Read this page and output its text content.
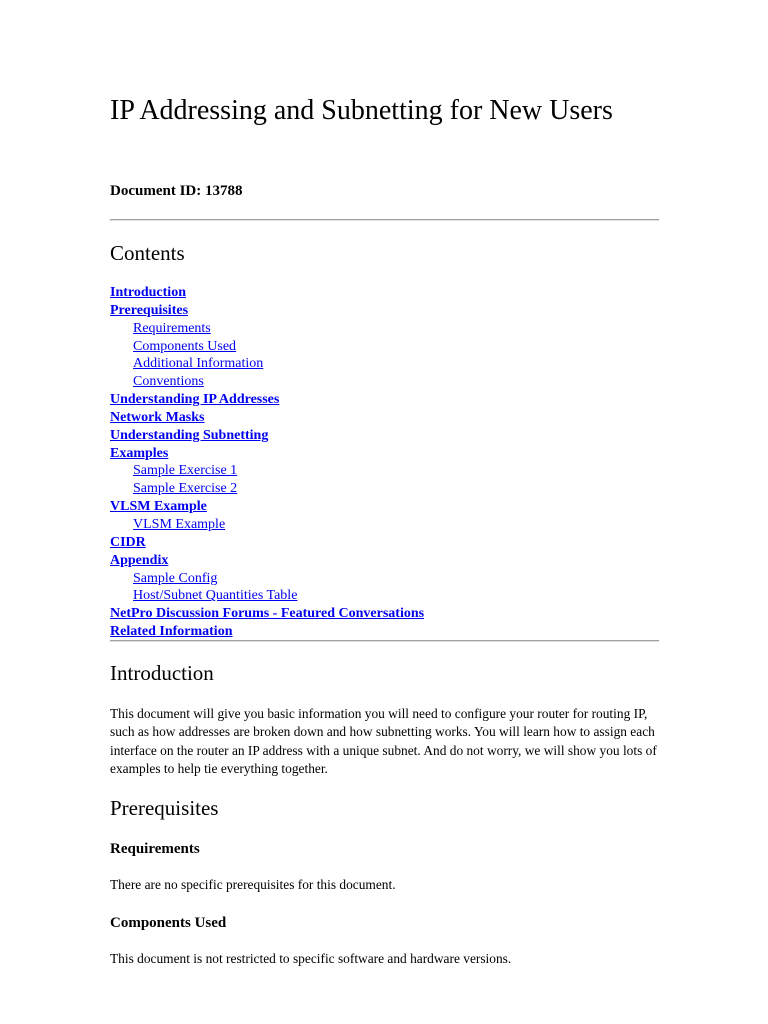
IP Addressing and Subnetting for New Users
Document ID: 13788
Contents
Introduction
Prerequisites
Requirements
Components Used
Additional Information
Conventions
Understanding IP Addresses
Network Masks
Understanding Subnetting
Examples
Sample Exercise 1
Sample Exercise 2
VLSM Example
VLSM Example
CIDR
Appendix
Sample Config
Host/Subnet Quantities Table
NetPro Discussion Forums - Featured Conversations
Related Information
Introduction

This document will give you basic information you will need to configure your router for routing IP, such as how addresses are broken down and how subnetting works. You will learn how to assign each interface on the router an IP address with a unique subnet. And do not worry, we will show you lots of examples to help tie everything together.

Prerequisites
Requirements

There are no specific prerequisites for this document.

Components Used

This document is not restricted to specific software and hardware versions.
